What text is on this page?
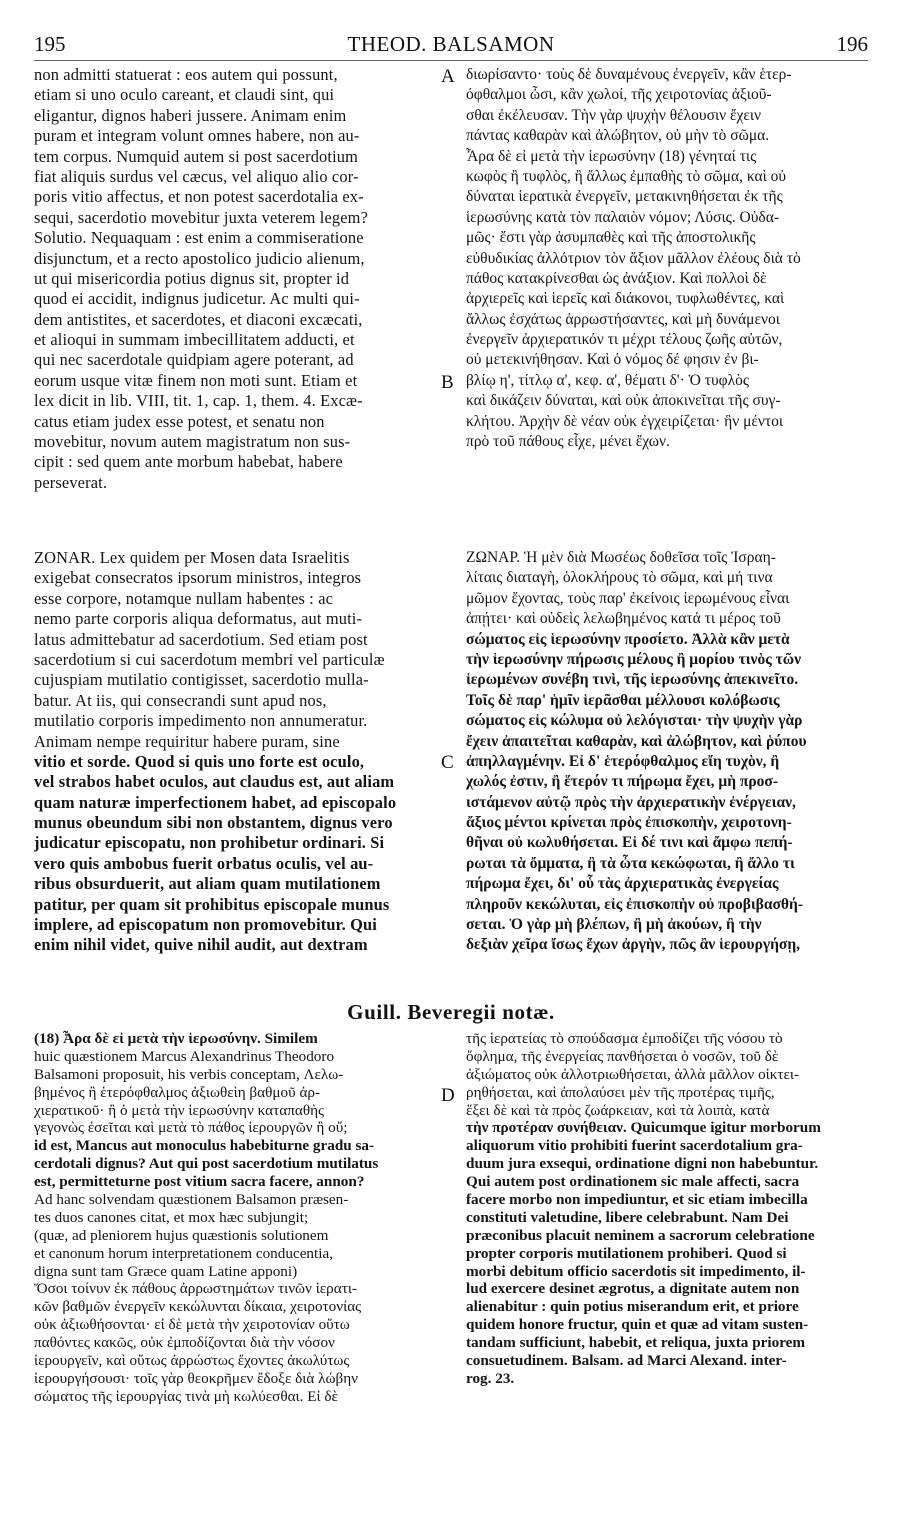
195	THEOD. BALSAMON	196
non admitti statuerat : eos autem qui possunt,
etiam si uno oculo careant, et claudi sint, qui
eligantur, dignos haberi jussere. Animam enim
puram et integram volunt omnes habere, non au-
tem corpus. Numquid autem si post sacerdotium
fiat aliquis surdus vel cæcus, vel aliquo alio cor-
poris vitio affectus, et non potest sacerdotalia ex-
sequi, sacerdotio movebitur juxta veterem legem?
Solutio. Nequaquam : est enim a commiseratione
disjunctum, et a recto apostolico judicio alienum,
ut qui misericordia potius dignus sit, propter id
quod ei accidit, indignus judicetur. Ac multi qui-
dem antistites, et sacerdotes, et diaconi excæcati,
et alioqui in summam imbecillitatem adducti, et
qui nec sacerdotale quidpiam agere poterant, ad
eorum usque vitæ finem non moti sunt. Etiam et
lex dicit in lib. VIII, tit. 1, cap. 1, them. 4. Excæ-
catus etiam judex esse potest, et senatu non
movebitur, novum autem magistratum non sus-
cipit : sed quem ante morbum habebat, habere
perseverat.
διωρίσαντο· τοὺς δὲ δυναμένους ἐνεργεῖν, κἂν ἑτερ-
όφθαλμοι ὦσι, κἂν χωλοί, τῆς χειροτονίας ἀξιοῦ-
σθαι ἐκέλευσαν. Τὴν γὰρ ψυχὴν θέλουσιν ἔχειν
πάντας καθαρὰν καὶ ἀλώβητον, οὐ μὴν τὸ σῶμα.
Ἆρα δὲ εἰ μετὰ τὴν ἱερωσύνην (18) γένηταί τις
κωφὸς ἢ τυφλὸς, ἢ ἄλλως ἐμπαθὴς τὸ σῶμα, καὶ οὐ
δύναται ἱερατικὰ ἐνεργεῖν, μετακινηθήσεται ἐκ τῆς
ἱερωσύνης κατὰ τὸν παλαιὸν νόμον; Λύσις. Οὐδα-
μῶς· ἔστι γὰρ ἀσυμπαθὲς καὶ τῆς ἀποστολικῆς
εὐθυδικίας ἀλλότριον τὸν ἄξιον μᾶλλον ἐλέους διὰ τὸ
πάθος κατακρίνεσθαι ὡς ἀνάξιον. Καὶ πολλοὶ δὲ
ἀρχιερεῖς καὶ ἱερεῖς καὶ διάκονοι, τυφλωθέντες, καὶ
ἄλλως ἐσχάτως ἀρρωστήσαντες, καὶ μὴ δυνάμενοι
ἐνεργεῖν ἀρχιερατικόν τι μέχρι τέλους ζωῆς αὐτῶν,
οὐ μετεκινήθησαν. Καὶ ὁ νόμος δέ φησιν ἐν βι-
βλίῳ η', τίτλῳ α', κεφ. α', θέματι δ'· Ὁ τυφλὸς
καὶ δικάζειν δύναται, καὶ οὐκ ἀποκινεῖται τῆς συγ-
κλήτου. Ἀρχὴν δὲ νέαν οὐκ ἐγχειρίζεται· ἣν μέντοι
πρὸ τοῦ πάθους εἶχε, μένει ἔχων.
ZONAR. Lex quidem per Mosen data Israelitis
exigebat consecratos ipsorum ministros, integros
esse corpore, notamque nullam habentes : ac
nemo parte corporis aliqua deformatus, aut muti-
latus admittebatur ad sacerdotium. Sed etiam post
sacerdotium si cui sacerdotum membri vel particulæ
cujuspiam mutilatio contigisset, sacerdotio mulla-
batur. At iis, qui consecrandi sunt apud nos,
mutilatio corporis impedimento non annumeratur.
Animam nempe requiritur habere puram, sine
vitio et sorde. Quod si quis uno forte est oculo,
vel strabos habet oculos, aut claudus est, aut aliam
quam naturæ imperfectionem habet, ad episcopalo
munus obeundum sibi non obstantem, dignus vero
judicatur episcopatu, non prohibetur ordinari. Si
vero quis ambobus fuerit orbatus oculis, vel au-
ribus obsurduerit, aut aliam quam mutilationem
patitur, per quam sit prohibitus episcopale munus
implere, ad episcopatum non promovebitur. Qui
enim nihil videt, quive nihil audit, aut dextram
ΖΩΝΑΡ. Ἡ μὲν διὰ Μωσέως δοθεῖσα τοῖς Ἰσραη-
λίταις διαταγὴ, ὁλοκλήρους τὸ σῶμα, καὶ μή τινα
μῶμον ἔχοντας, τοὺς παρ' ἐκείνοις ἱερωμένους εἶναι
ἀπῄτει· καὶ οὐδεὶς λελωβημένος κατά τι μέρος τοῦ
σώματος εἰς ἱερωσύνην προσίετο. Ἀλλὰ κἂν μετὰ
τὴν ἱερωσύνην πήρωσις μέλους ἢ μορίου τινὸς τῶν
ἱερωμένων συνέβη τινὶ, τῆς ἱερωσύνης ἀπεκινεῖτο.
Τοῖς δὲ παρ' ἡμῖν ἱερᾶσθαι μέλλουσι κολόβωσις
σώματος εἰς κώλυμα οὐ λελόγισται· τὴν ψυχὴν γὰρ
ἔχειν ἀπαιτεῖται καθαρὰν, καὶ ἀλώβητον, καὶ ῥύπου
ἀπηλλαγμένην. Εἰ δ' ἑτερόφθαλμος εἴη τυχὸν, ἢ
χωλός ἐστιν, ἢ ἕτερόν τι πήρωμα ἔχει, μὴ προσ-
ιστάμενον αὐτῷ πρὸς τὴν ἀρχιερατικὴν ἐνέργειαν,
ἄξιος μέντοι κρίνεται πρὸς ἐπισκοπὴν, χειροτονη-
θῆναι οὐ κωλυθήσεται. Εἰ δέ τινι καὶ ἄμφω πεπή-
ρωται τὰ ὄμματα, ἢ τὰ ὦτα κεκώφωται, ἢ ἄλλο τι
πήρωμα ἔχει, δι' οὗ τὰς ἀρχιερατικὰς ἐνεργείας
πληροῦν κεκώλυται, εἰς ἐπισκοπὴν οὐ προβιβασθή-
σεται. Ὁ γὰρ μὴ βλέπων, ἢ μὴ ἀκούων, ἢ τὴν
δεξιὰν χεῖρα ἴσως ἔχων ἀργὴν, πῶς ἂν ἱερουργήσῃ,
Guill. Beveregii notæ.
(18) Ἆρα δὲ εἰ μετὰ τὴν ἱερωσύνην. Similem
huic quæstionem Marcus Alexandrinus Theodoro
Balsamoni proposuit, his verbis conceptam, Λελω-
βημένος ἢ ἑτερόφθαλμος ἀξιωθεὶη βαθμοῦ ἀρ-
χιερατικοῦ· ἢ ὁ μετὰ τὴν ἱερωσύνην καταπαθὴς
γεγονὼς ἐσεῖται καὶ μετὰ τὸ πάθος ἱερουργῶν ἢ οὔ;
id est, Mancus aut monoculus habebiturne gradu sa-
cerdotali dignus? Aut qui post sacerdotium mutilatus
est, permitteturne post vitium sacra facere, annon?
Ad hanc solvendam quæstionem Balsamon præsen-
tes duos canones citat, et mox hæc subjungit;
(quæ, ad pleniorem hujus quæstionis solutionem
et canonum horum interpretationem conducentia,
digna sunt tam Græce quam Latine apponi)
Ὅσοι τοίνυν ἐκ πάθους ἀρρωστημάτων τινῶν ἱερατι-
κῶν βαθμῶν ἐνεργεῖν κεκώλυνται δίκαια, χειροτονίας
οὐκ ἀξιωθήσονται· εἰ δὲ μετὰ τὴν χειροτονίαν οὕτω
παθόντες κακῶς, οὐκ ἐμποδίζονται διὰ τὴν νόσον
ἱερουργεῖν, καὶ οὕτως ἀρρώστως ἔχοντες ἀκωλύτως
ἱερουργήσουσι· τοῖς γὰρ θεοκρῆμεν ἔδοξε διὰ λώβην
σώματος τῆς ἱερουργίας τινὰ μὴ κωλύεσθαι. Εἰ δὲ
τῆς ἱερατείας τὸ σπούδασμα ἐμποδίζει τῆς νόσου τὸ
ὄφλημα, τῆς ἐνεργείας πανθήσεται ὁ νοσῶν, τοῦ δὲ
ἀξιώματος οὐκ ἀλλοτριωθήσεται, ἀλλὰ μᾶλλον οἰκτει-
ρηθήσεται, καὶ ἀπολαύσει μὲν τῆς προτέρας τιμῆς,
ἕξει δὲ καὶ τὰ πρὸς ζωάρκειαν, καὶ τὰ λοιπὰ, κατὰ
τὴν προτέραν συνήθειαν. Quicumque igitur morborum
aliquorum vitio prohibiti fuerint sacerdotalium gra-
duum jura exsequi, ordinatione digni non habebuntur.
Qui autem post ordinationem sic male affecti, sacra
facere morbo non impediuntur, et sic etiam imbecilla
constituti valetudine, libere celebrabunt. Nam Dei
præconibus placuit neminem a sacrorum celebratione
propter corporis mutilationem prohiberi. Quod si
morbi debitum officio sacerdotis sit impedimento, il-
lud exercere desinet ægrotus, a dignitate autem non
alienabitur : quin potius miserandum erit, et priore
quidem honore fructur, quin et quæ ad vitam susten-
tandam sufficiunt, habebit, et reliqua, juxta priorem
consuetudinem. Balsam. ad Marci Alexand. inter-
rog. 23.
A
B
C
D
